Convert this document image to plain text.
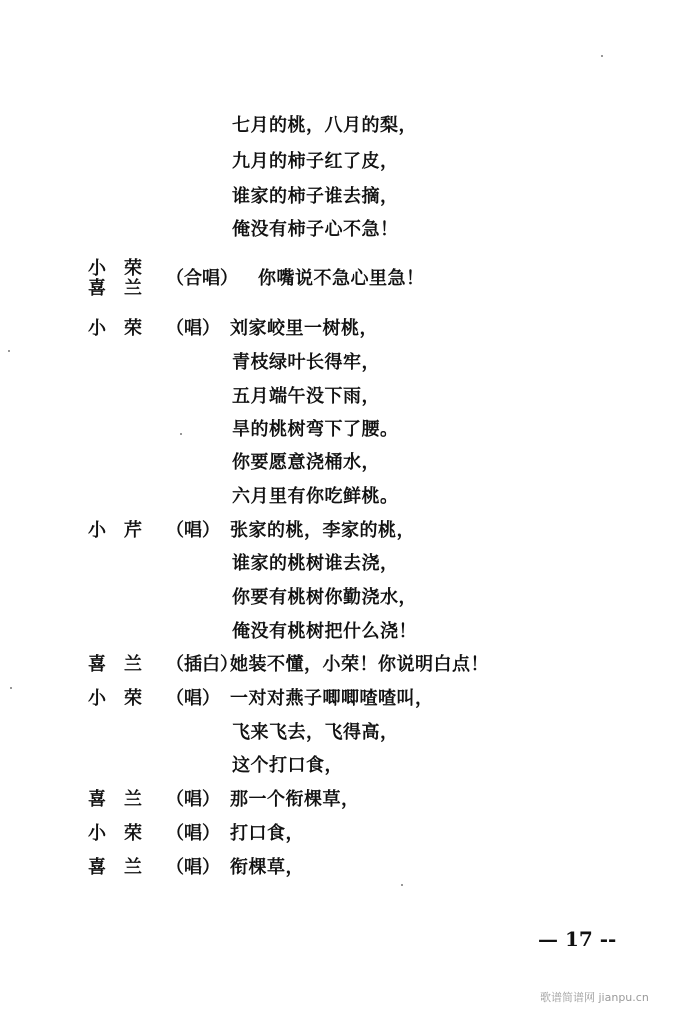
七月的桃，八月的梨，
九月的柿子红了皮，
谁家的柿子谁去摘，
俺没有柿子心不急！
小荣
喜兰 （合唱） 你嘴说不急心里急！
小荣 （唱） 刘家峧里一树桃，
青枝绿叶长得牢，
五月端午没下雨，
旱的桃树弯下了腰。
你要愿意浇桶水，
六月里有你吃鲜桃。
小芹 （唱） 张家的桃，李家的桃，
谁家的桃树谁去浇，
你要有桃树你勤浇水，
俺没有桃树把什么浇！
喜兰 （插白）
她装不懂，小荣！你说明白点！
小荣 （唱） 一对对燕子唧唧喳喳叫，
飞来飞去，飞得高，
这个打口食，
喜兰 （唱） 那一个衔棵草，
小荣 （唱） 打口食，
喜兰 （唱） 衔棵草，
— 17 --
歌谱简谱网 jianpu.cn
